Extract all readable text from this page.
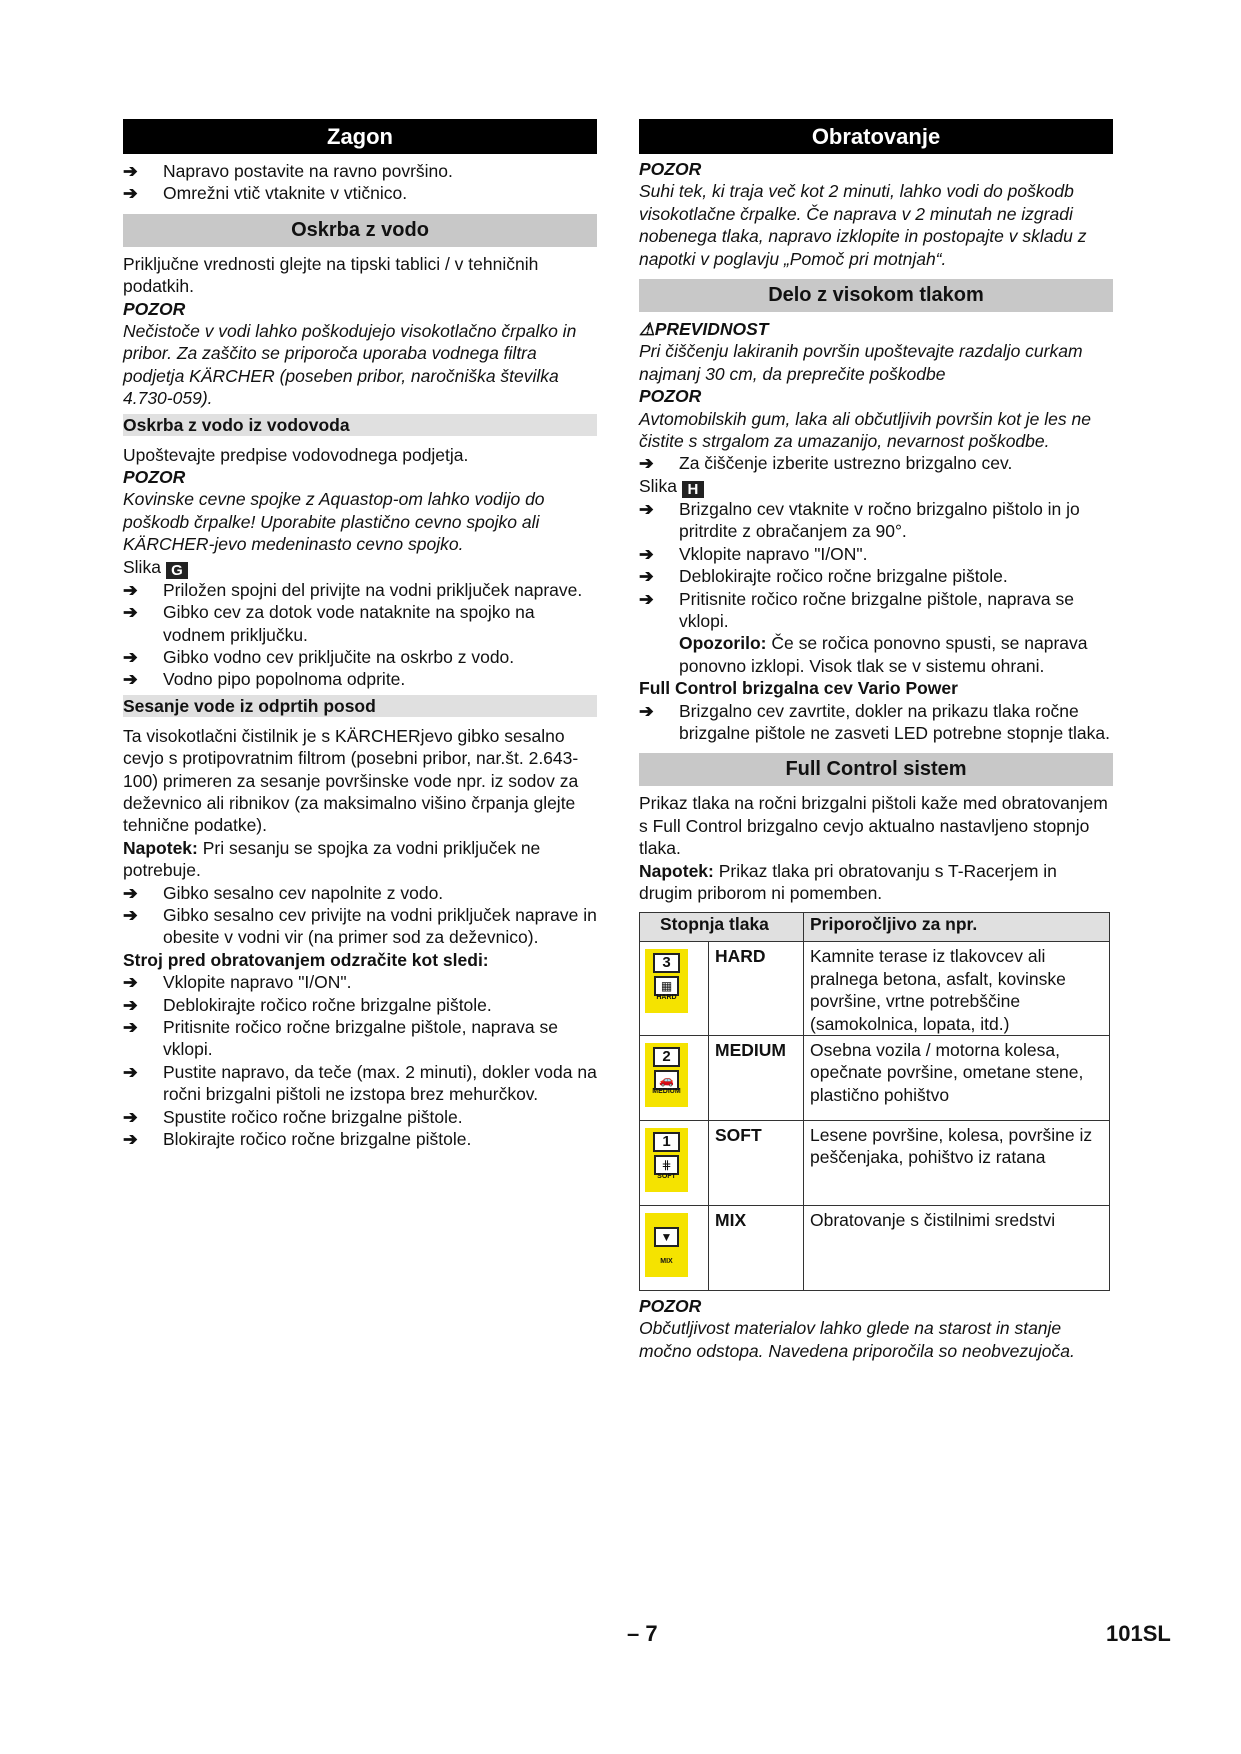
Zagon
➔	Napravo postavite na ravno površino.
➔	Omrežni vtič vtaknite v vtičnico.
Oskrba z vodo

Priključne vrednosti glejte na tipski tablici / v tehničnih podatkih.

POZOR

Nečistoče v vodi lahko poškodujejo visokotlačno črpalko in pribor. Za zaščito se priporoča uporaba vodnega filtra podjetja KÄRCHER (poseben pribor, naročniška številka 4.730-059).

Oskrba z vodo iz vodovoda

Upoštevajte predpise vodovodnega podjetja.

POZOR

Kovinske cevne spojke z Aquastop-om lahko vodijo do poškodb črpalke! Uporabite plastično cevno spojko ali KÄRCHER-jevo medeninasto cevno spojko.

Slika G

➔	Priložen spojni del privijte na vodni priključek naprave.
➔	Gibko cev za dotok vode nataknite na spojko na vodnem priključku.
➔	Gibko vodno cev priključite na oskrbo z vodo.
➔	Vodno pipo popolnoma odprite.
Sesanje vode iz odprtih posod

Ta visokotlačni čistilnik je s KÄRCHERjevo gibko sesalno cevjo s protipovratnim filtrom (posebni pribor, nar.št. 2.643-100) primeren za sesanje površinske vode npr. iz sodov za deževnico ali ribnikov (za maksimalno višino črpanja glejte tehnične podatke).

Napotek: Pri sesanju se spojka za vodni priključek ne potrebuje.

➔	Gibko sesalno cev napolnite z vodo.
➔	Gibko sesalno cev privijte na vodni priključek naprave in obesite v vodni vir (na primer sod za deževnico).

Stroj pred obratovanjem odzračite kot sledi:

➔	Vklopite napravo "I/ON".
➔	Deblokirajte ročico ročne brizgalne pištole.
➔	Pritisnite ročico ročne brizgalne pištole, naprava se vklopi.
➔	Pustite napravo, da teče (max. 2 minuti), dokler voda na ročni brizgalni pištoli ne izstopa brez mehurčkov.
➔	Spustite ročico ročne brizgalne pištole.
➔	Blokirajte ročico ročne brizgalne pištole.
Obratovanje

POZOR

Suhi tek, ki traja več kot 2 minuti, lahko vodi do poškodb visokotlačne črpalke. Če naprava v 2 minutah ne izgradi nobenega tlaka, napravo izklopite in postopajte v skladu z napotki v poglavju „Pomoč pri motnjah“.

Delo z visokom tlakom

⚠PREVIDNOST

Pri čiščenju lakiranih površin upoštevajte razdaljo curkam najmanj 30 cm, da preprečite poškodbe

POZOR

Avtomobilskih gum, laka ali občutljivih površin kot je les ne čistite s strgalom za umazanijo, nevarnost poškodbe.

➔	Za čiščenje izberite ustrezno brizgalno cev.

Slika H

➔	Brizgalno cev vtaknite v ročno brizgalno pištolo in jo pritrdite z obračanjem za 90°.
➔	Vklopite napravo "I/ON".
➔	Deblokirajte ročico ročne brizgalne pištole.
➔	Pritisnite ročico ročne brizgalne pištole, naprava se vklopi.

Opozorilo: Če se ročica ponovno spusti, se naprava ponovno izklopi. Visok tlak se v sistemu ohrani.

Full Control brizgalna cev Vario Power

➔	Brizgalno cev zavrtite, dokler na prikazu tlaka ročne brizgalne pištole ne zasveti LED potrebne stopnje tlaka.
Full Control sistem

Prikaz tlaka na ročni brizgalni pištoli kaže med obratovanjem s Full Control brizgalno cevjo aktualno nastavljeno stopnjo tlaka.

Napotek: Prikaz tlaka pri obratovanju s T-Racerjem in drugim priborom ni pomemben.

Stopnja tlaka		Priporočljivo za npr.

3
▦
HARD	HARD	Kamnite terase iz tlakovcev ali pralnega betona, asfalt, kovinske površine, vrtne potrebščine (samokolnica, lopata, itd.)

2
🚗
MEDIUM	MEDIUM	Osebna vozila / motorna kolesa, opečnate površine, ometane stene, plastično pohištvo

1
⋕
SOFT	SOFT	Lesene površine, kolesa, površine iz peščenjaka, pohištvo iz ratana

▼
MIX	MIX	Obratovanje s čistilnimi sredstvi

POZOR

Občutljivost materialov lahko glede na starost in stanje močno odstopa. Navedena priporočila so neobvezujoča.

– 7	101SL
